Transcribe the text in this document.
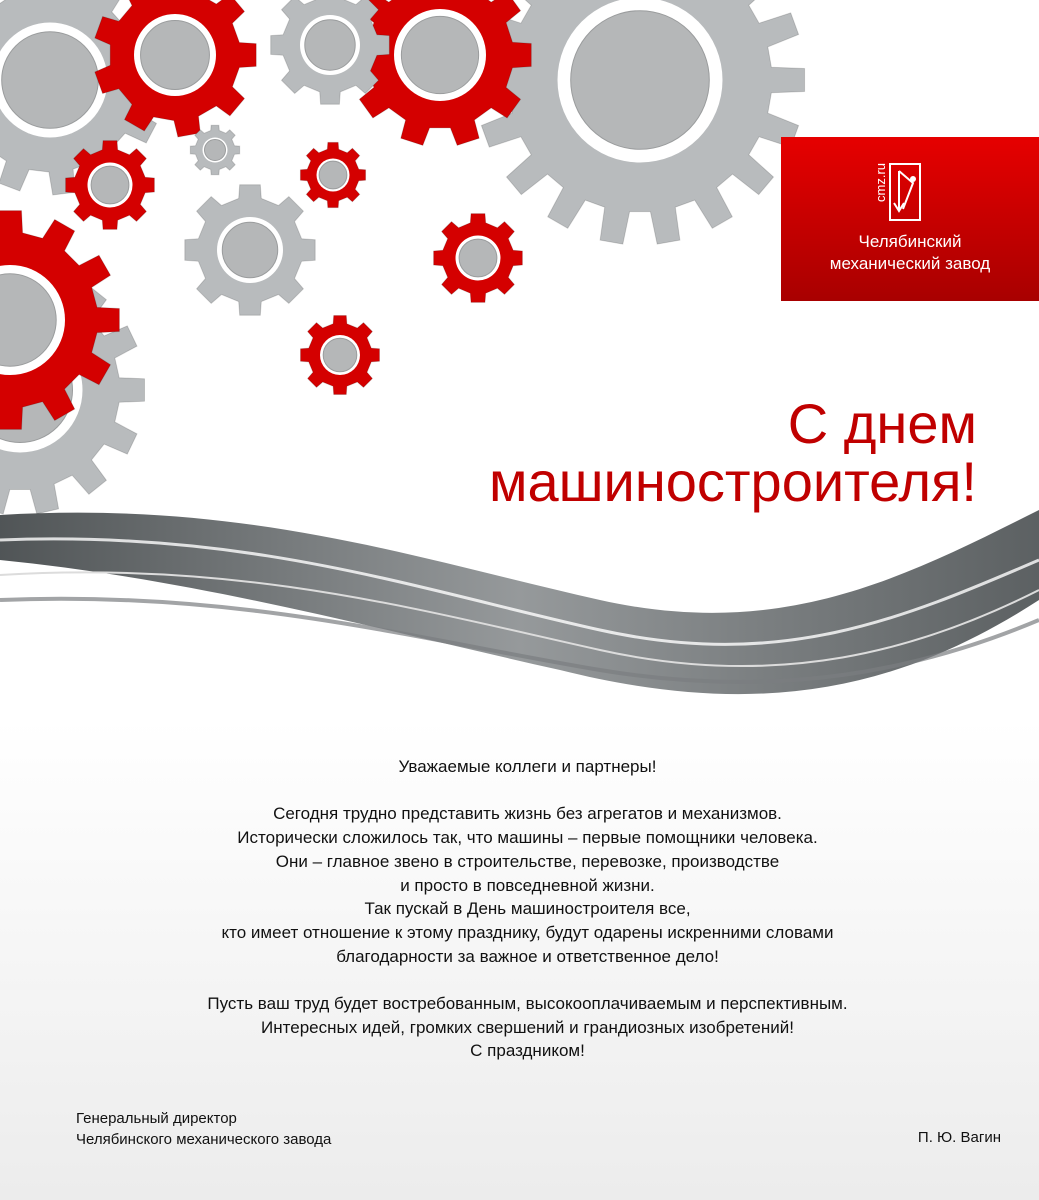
cmz.ru
Челябинский
механический завод
С днем
машиностроителя!

Уважаемые коллеги и партнеры!

Сегодня трудно представить жизнь без агрегатов и механизмов.

Исторически сложилось так, что машины – первые помощники человека.

Они – главное звено в строительстве, перевозке, производстве

и просто в повседневной жизни.

Так пускай в День машиностроителя все,

кто имеет отношение к этому празднику, будут одарены искренними словами

благодарности за важное и ответственное дело!

Пусть ваш труд будет востребованным, высокооплачиваемым и перспективным.

Интересных идей, громких свершений и грандиозных изобретений!

С праздником!

Генеральный директор
Челябинского механического завода	П. Ю. Вагин
